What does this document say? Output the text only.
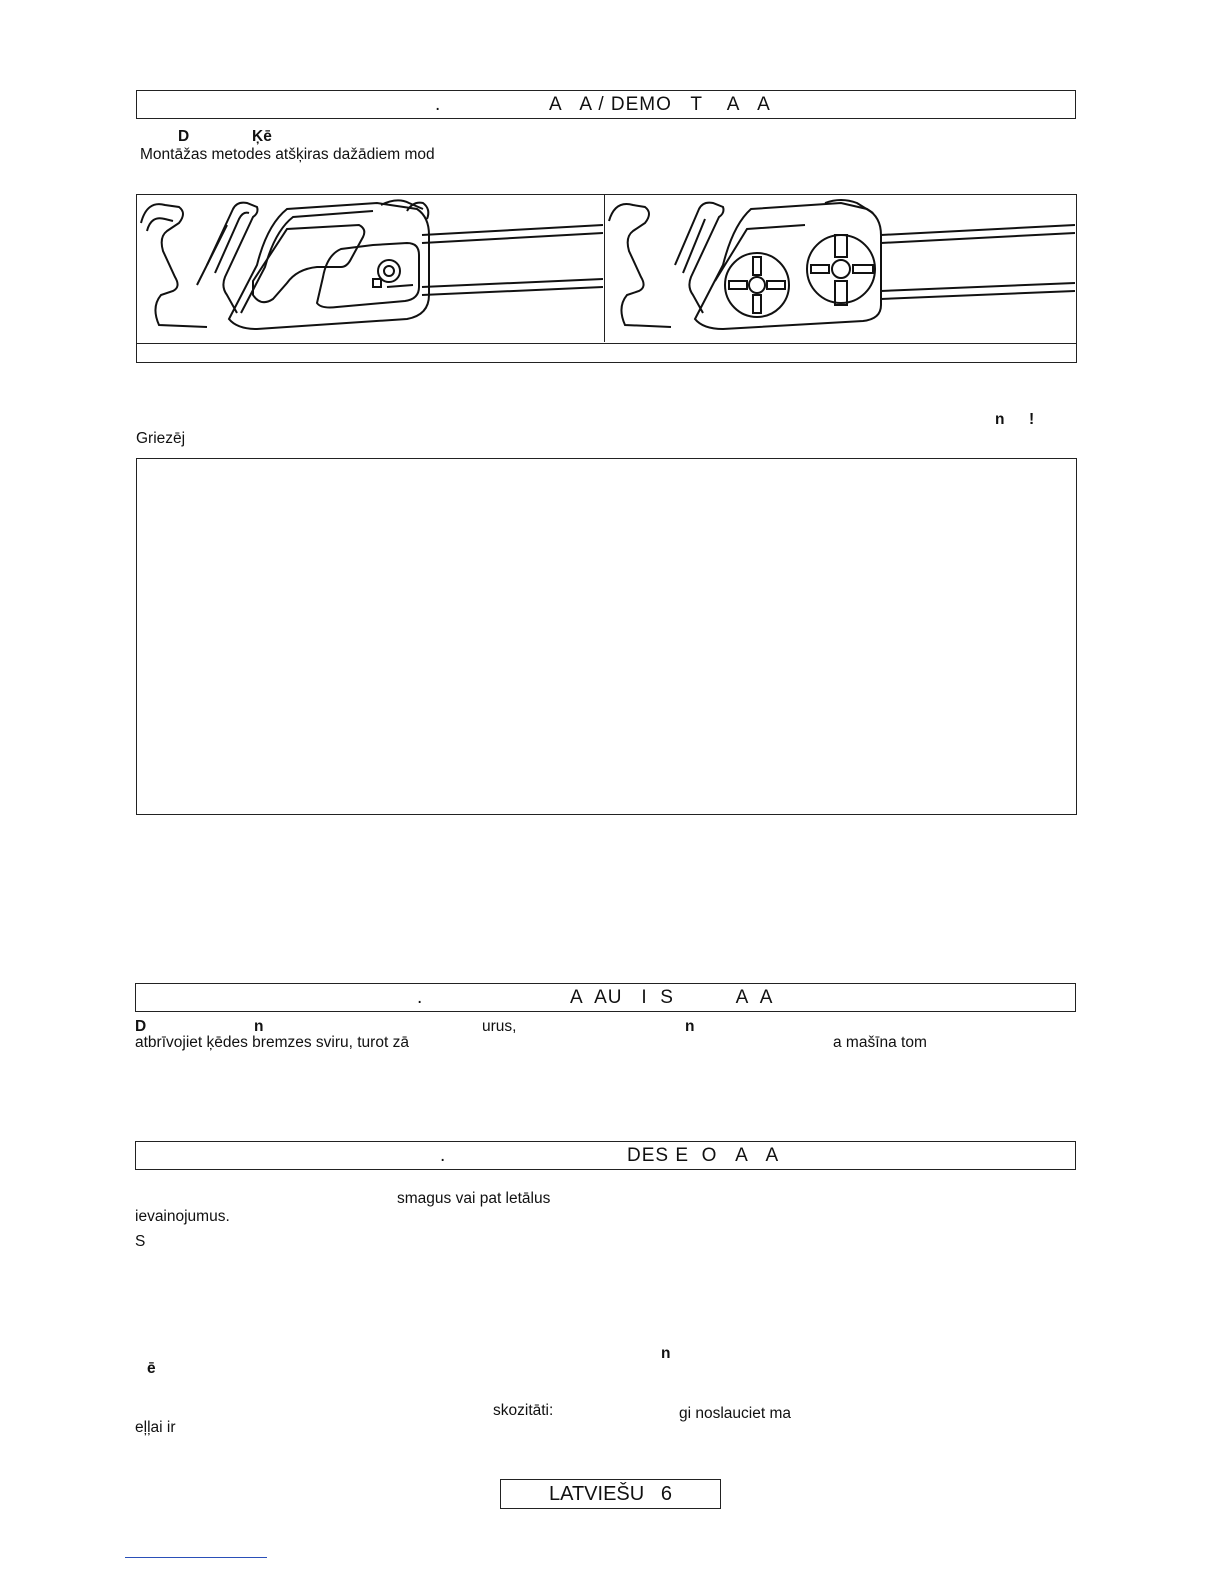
.	A   A / DEMO   T    A   A
D	Ķē
Montāžas metodes atšķiras dažādiem mod
n !
Griezēj
.	A  AU   I  S          A  A
D	n	urus,	n
atbrīvojiet ķēdes bremzes sviru, turot zā	a mašīna tom
.	DES E  O   A   A
smagus vai pat letālus
ievainojumus.
S
n
ē
skozitāti:	gi noslauciet ma
eļļai ir
LATVIEŠU   6
